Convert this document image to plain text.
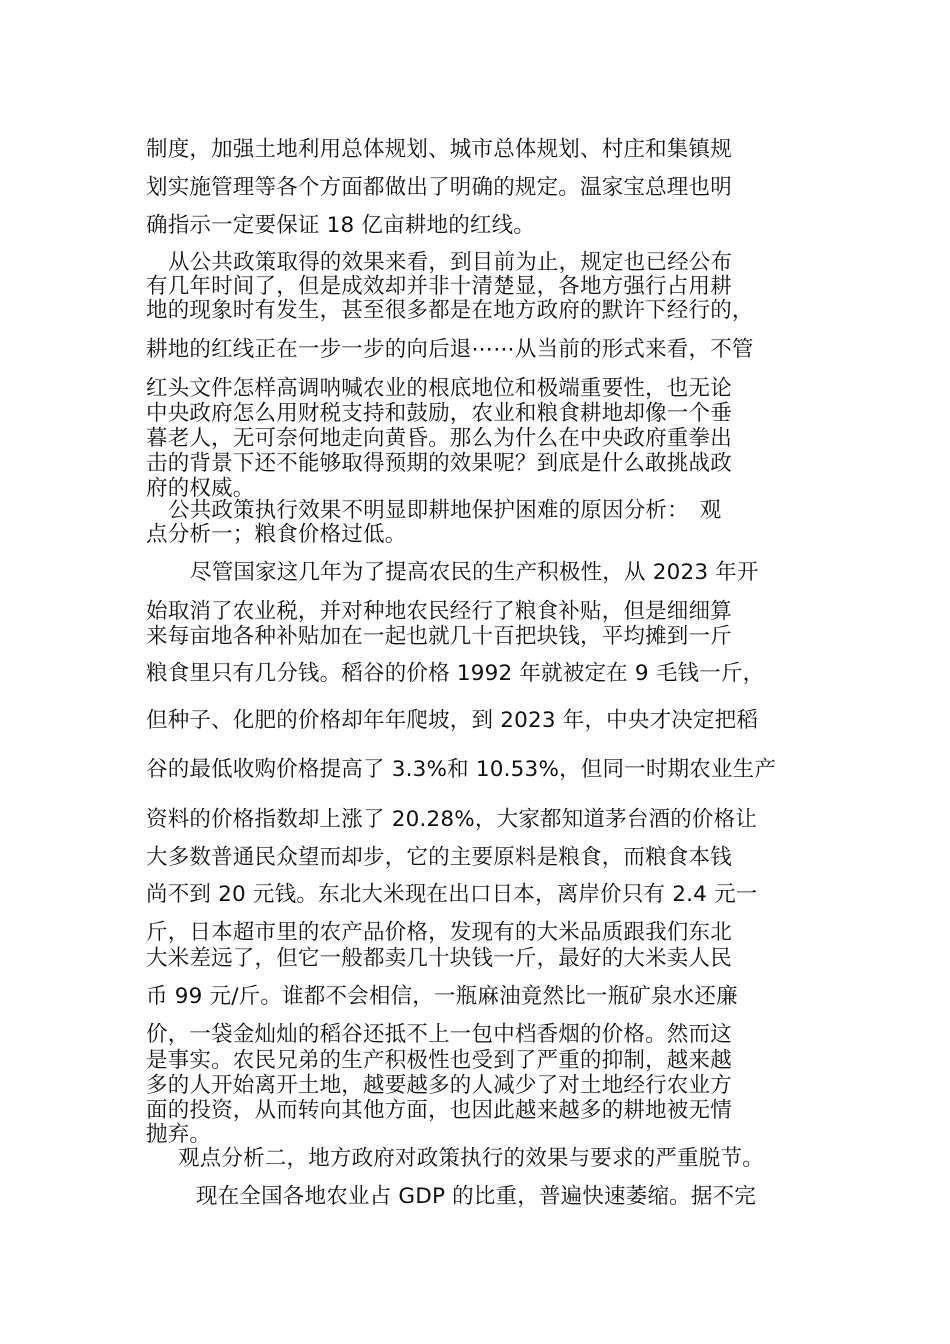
制度，加强土地利用总体规划、城市总体规划、村庄和集镇规
划实施管理等各个方面都做出了明确的规定。温家宝总理也明
确指示一定要保证 18 亿亩耕地的红线。
从公共政策取得的效果来看，到目前为止，规定也已经公布
有几年时间了，但是成效却并非十清楚显，各地方强行占用耕
地的现象时有发生，甚至很多都是在地方政府的默许下经行的，
耕地的红线正在一步一步的向后退⋯⋯从当前的形式来看，不管
红头文件怎样高调呐喊农业的根底地位和极端重要性，也无论
中央政府怎么用财税支持和鼓励，农业和粮食耕地却像一个垂
暮老人，无可奈何地走向黄昏。那么为什么在中央政府重拳出
击的背景下还不能够取得预期的效果呢？到底是什么敢挑战政
府的权威。
公共政策执行效果不明显即耕地保护困难的原因分析：　观
点分析一；粮食价格过低。
尽管国家这几年为了提高农民的生产积极性，从 2023 年开
始取消了农业税，并对种地农民经行了粮食补贴，但是细细算
来每亩地各种补贴加在一起也就几十百把块钱，平均摊到一斤
粮食里只有几分钱。稻谷的价格 1992 年就被定在 9 毛钱一斤，
但种子、化肥的价格却年年爬坡，到 2023 年，中央才决定把稻
谷的最低收购价格提高了 3.3%和 10.53%，但同一时期农业生产
资料的价格指数却上涨了 20.28%，大家都知道茅台酒的价格让
大多数普通民众望而却步，它的主要原料是粮食，而粮食本钱
尚不到 20 元钱。东北大米现在出口日本，离岸价只有 2.4 元一
斤，日本超市里的农产品价格，发现有的大米品质跟我们东北
大米差远了，但它一般都卖几十块钱一斤，最好的大米卖人民
币 99 元/斤。谁都不会相信，一瓶麻油竟然比一瓶矿泉水还廉
价，一袋金灿灿的稻谷还抵不上一包中档香烟的价格。然而这
是事实。农民兄弟的生产积极性也受到了严重的抑制，越来越
多的人开始离开土地，越要越多的人减少了对土地经行农业方
面的投资，从而转向其他方面，也因此越来越多的耕地被无情
抛弃。
观点分析二，地方政府对政策执行的效果与要求的严重脱节。
现在全国各地农业占 GDP 的比重，普遍快速萎缩。据不完
